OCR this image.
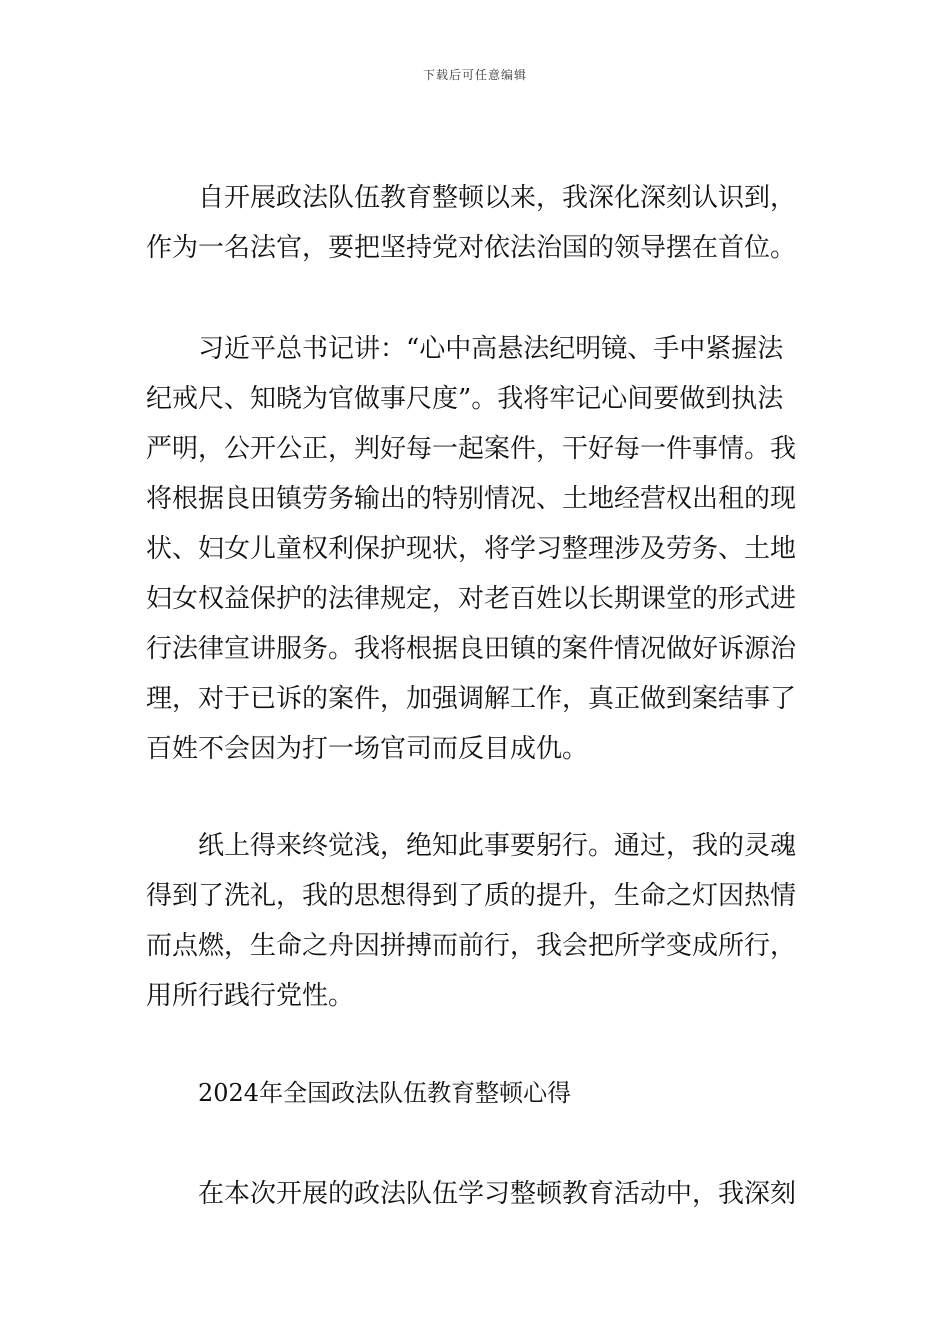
下载后可任意编辑
自开展政法队伍教育整顿以来，我深化深刻认识到，
作为一名法官，要把坚持党对依法治国的领导摆在首位。
习近平总书记讲：“心中高悬法纪明镜、手中紧握法
纪戒尺、知晓为官做事尺度”。我将牢记心间要做到执法
严明，公开公正，判好每一起案件，干好每一件事情。我
将根据良田镇劳务输出的特别情况、土地经营权出租的现
状、妇女儿童权利保护现状，将学习整理涉及劳务、土地
妇女权益保护的法律规定，对老百姓以长期课堂的形式进
行法律宣讲服务。我将根据良田镇的案件情况做好诉源治
理，对于已诉的案件，加强调解工作，真正做到案结事了
百姓不会因为打一场官司而反目成仇。
纸上得来终觉浅，绝知此事要躬行。通过，我的灵魂
得到了洗礼，我的思想得到了质的提升，生命之灯因热情
而点燃，生命之舟因拼搏而前行，我会把所学变成所行，
用所行践行党性。
2024年全国政法队伍教育整顿心得
在本次开展的政法队伍学习整顿教育活动中，我深刻
